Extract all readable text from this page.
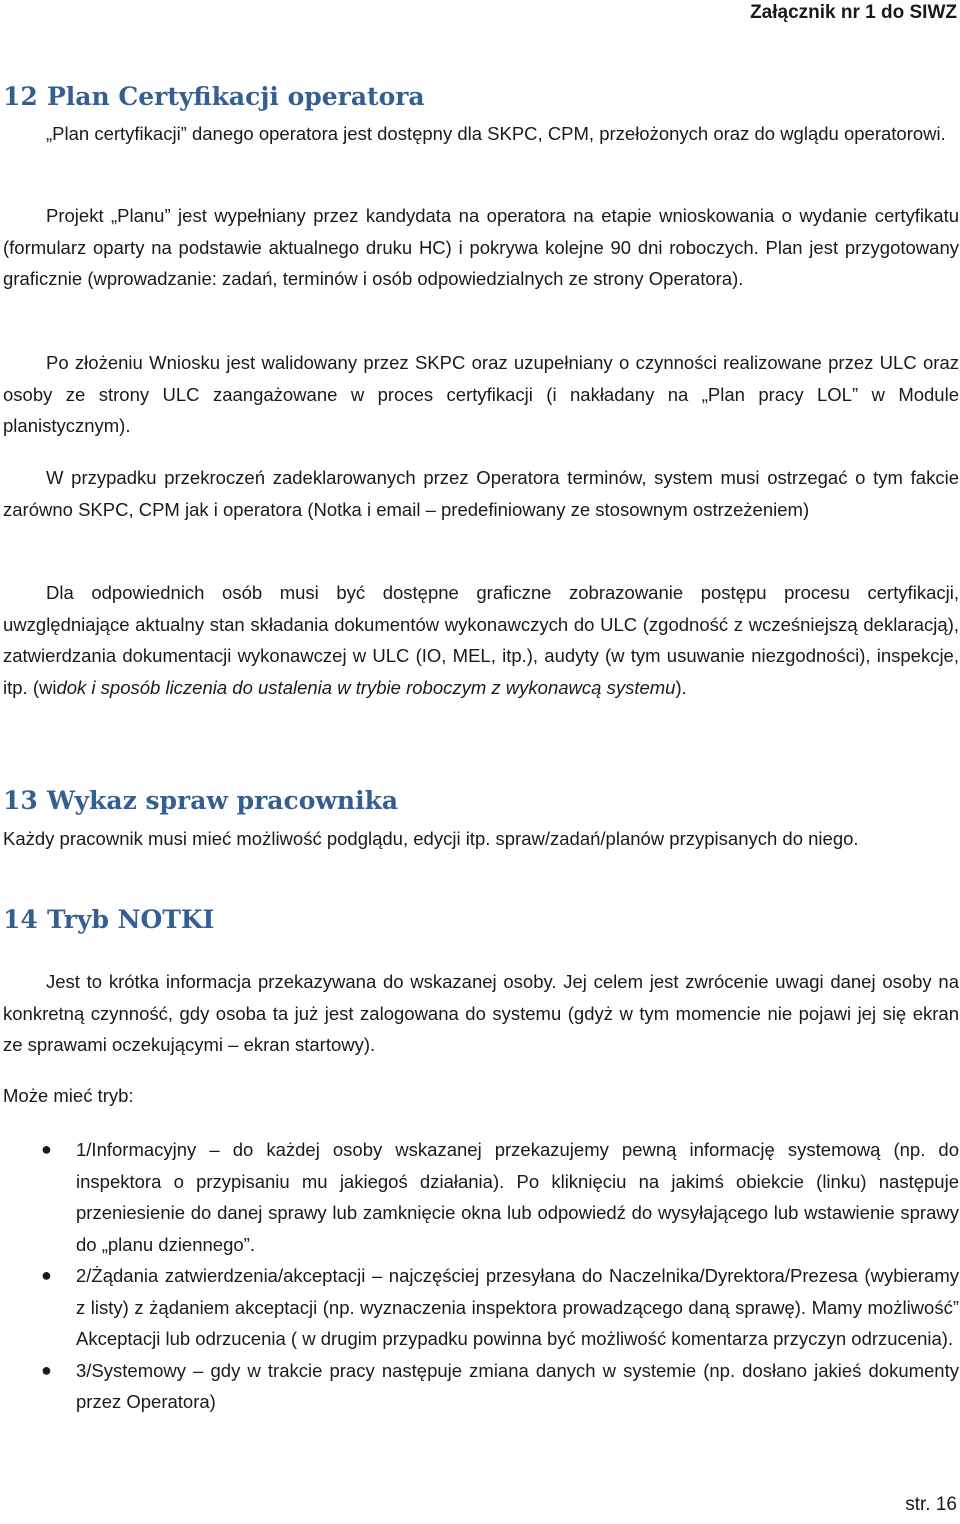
Załącznik nr 1 do SIWZ
12 Plan Certyfikacji operatora

„Plan certyfikacji” danego operatora jest dostępny dla SKPC, CPM, przełożonych oraz do wglądu operatorowi.

Projekt „Planu” jest wypełniany przez kandydata na operatora na etapie wnioskowania o wydanie certyfikatu (formularz oparty na podstawie aktualnego druku HC) i pokrywa kolejne 90 dni roboczych. Plan jest przygotowany graficznie (wprowadzanie: zadań, terminów i osób odpowiedzialnych ze strony Operatora).

Po złożeniu Wniosku jest walidowany przez SKPC oraz uzupełniany o czynności realizowane przez ULC oraz osoby ze strony ULC zaangażowane w proces certyfikacji (i nakładany na „Plan pracy LOL” w Module planistycznym).

W przypadku przekroczeń zadeklarowanych przez Operatora terminów, system musi ostrzegać o tym fakcie zarówno SKPC, CPM jak i operatora (Notka i email – predefiniowany ze stosownym ostrzeżeniem)

Dla odpowiednich osób musi być dostępne graficzne zobrazowanie postępu procesu certyfikacji, uwzględniające aktualny stan składania dokumentów wykonawczych do ULC (zgodność z wcześniejszą deklaracją), zatwierdzania dokumentacji wykonawczej w ULC (IO, MEL, itp.), audyty (w tym usuwanie niezgodności), inspekcje, itp. (widok i sposób liczenia do ustalenia w trybie roboczym z wykonawcą systemu).

13 Wykaz spraw pracownika

Każdy pracownik musi mieć możliwość podglądu, edycji itp. spraw/zadań/planów przypisanych do niego.

14 Tryb NOTKI

Jest to krótka informacja przekazywana do wskazanej osoby. Jej celem jest zwrócenie uwagi danej osoby na konkretną czynność, gdy osoba ta już jest zalogowana do systemu (gdyż w tym momencie nie pojawi jej się ekran ze sprawami oczekującymi – ekran startowy).

Może mieć tryb:

● 1/Informacyjny – do każdej osoby wskazanej przekazujemy pewną informację systemową (np. do inspektora o przypisaniu mu jakiegoś działania). Po kliknięciu na jakimś obiekcie (linku) następuje przeniesienie do danej sprawy lub zamknięcie okna lub odpowiedź do wysyłającego lub wstawienie sprawy do „planu dziennego”.
● 2/Żądania zatwierdzenia/akceptacji – najczęściej przesyłana do Naczelnika/Dyrektora/Prezesa (wybieramy z listy) z żądaniem akceptacji (np. wyznaczenia inspektora prowadzącego daną sprawę). Mamy możliwość” Akceptacji lub odrzucenia ( w drugim przypadku powinna być możliwość komentarza przyczyn odrzucenia).
● 3/Systemowy – gdy w trakcie pracy następuje zmiana danych w systemie (np. dosłano jakieś dokumenty przez Operatora)
str. 16
